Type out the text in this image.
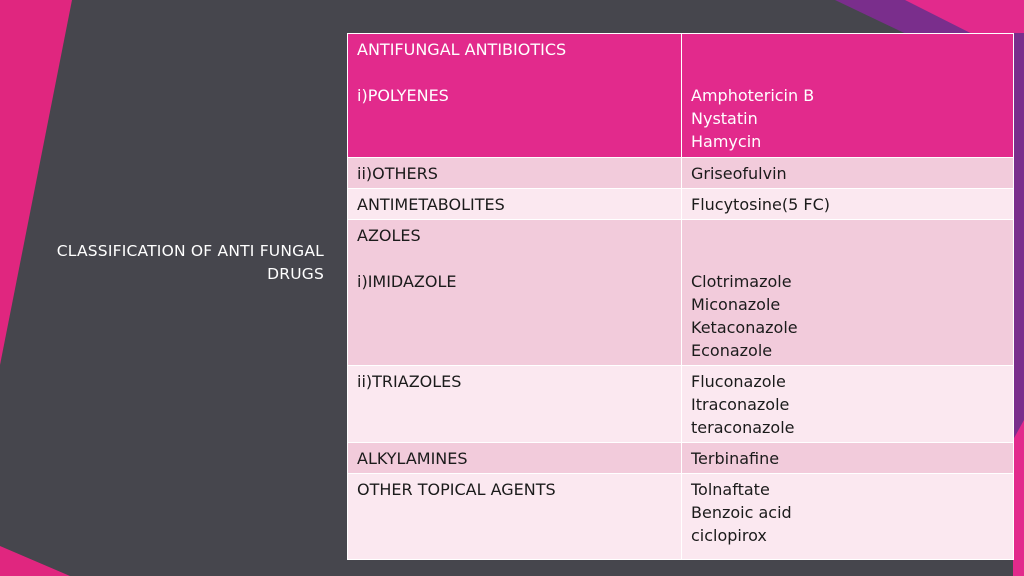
CLASSIFICATION OF ANTI FUNGAL DRUGS
ANTIFUNGAL ANTIBIOTICS
i)POLYENES	Amphotericin B
Nystatin
Hamycin

ii)OTHERS	Griseofulvin
ANTIMETABOLITES	Flucytosine(5 FC)

AZOLES
i)IMIDAZOLE	Clotrimazole
Miconazole
Ketaconazole
Econazole

ii)TRIAZOLES	Fluconazole
Itraconazole
teraconazole

ALKYLAMINES	Terbinafine
OTHER TOPICAL AGENTS	Tolnaftate
Benzoic acid
ciclopirox
